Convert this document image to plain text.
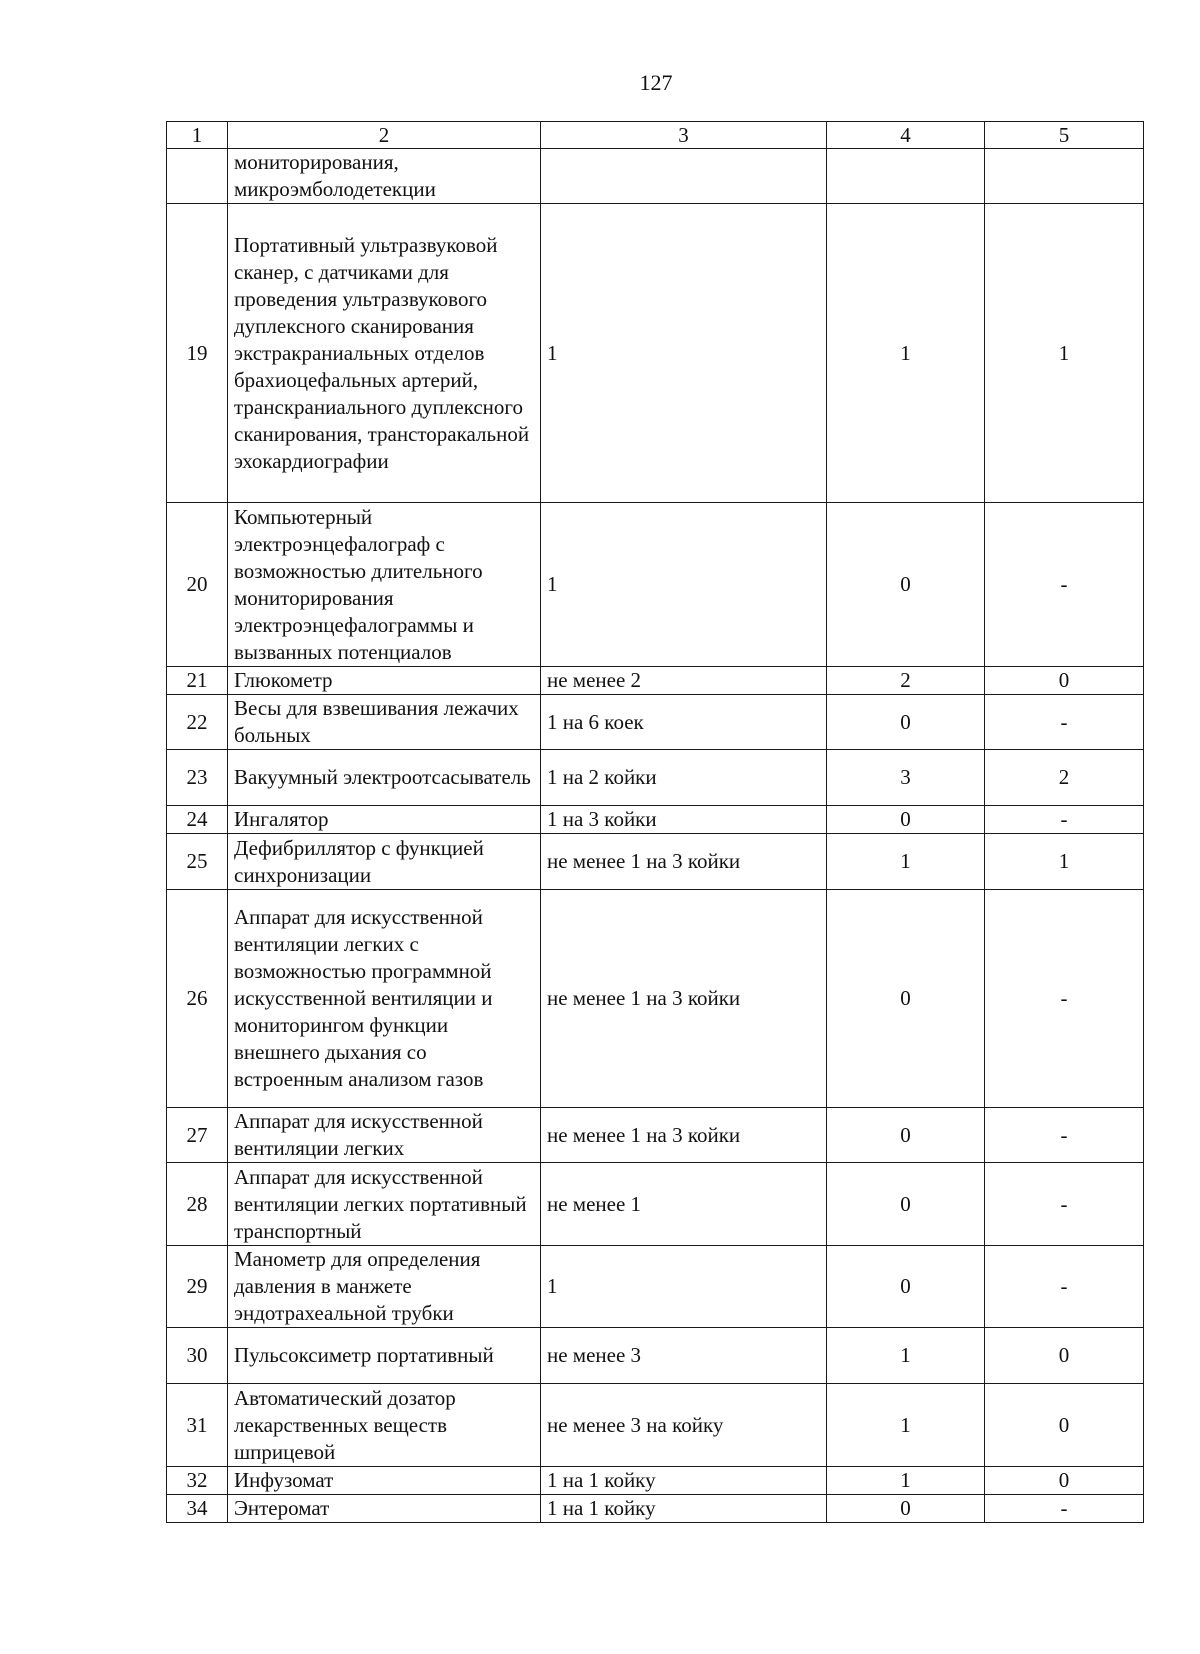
127
1	2	3	4	5
	мониторирования, микроэмболодетекции			
19	Портативный ультразвуковой сканер, с датчиками для проведения ультразвукового дуплексного сканирования экстракраниальных отделов брахиоцефальных артерий, транскраниального дуплексного сканирования, трансторакальной эхокардиографии	1	1	1
20	Компьютерный электроэнцефалограф с возможностью длительного мониторирования электроэнцефалограммы и вызванных потенциалов	1	0	-
21	Глюкометр	не менее 2	2	0
22	Весы для взвешивания лежачих больных	1 на 6 коек	0	-
23	Вакуумный электроотсасыватель	1 на 2 койки	3	2
24	Ингалятор	1 на 3 койки	0	-
25	Дефибриллятор с функцией синхронизации	не менее 1 на 3 койки	1	1
26	Аппарат для искусственной вентиляции легких с возможностью программной искусственной вентиляции и мониторингом функции внешнего дыхания со встроенным анализом газов	не менее 1 на 3 койки	0	-
27	Аппарат для искусственной вентиляции легких	не менее 1 на 3 койки	0	-
28	Аппарат для искусственной вентиляции легких портативный транспортный	не менее 1	0	-
29	Манометр для определения давления в манжете эндотрахеальной трубки	1	0	-
30	Пульсоксиметр портативный	не менее 3	1	0
31	Автоматический дозатор лекарственных веществ шприцевой	не менее 3 на койку	1	0
32	Инфузомат	1 на 1 койку	1	0
34	Энтеромат	1 на 1 койку	0	-
